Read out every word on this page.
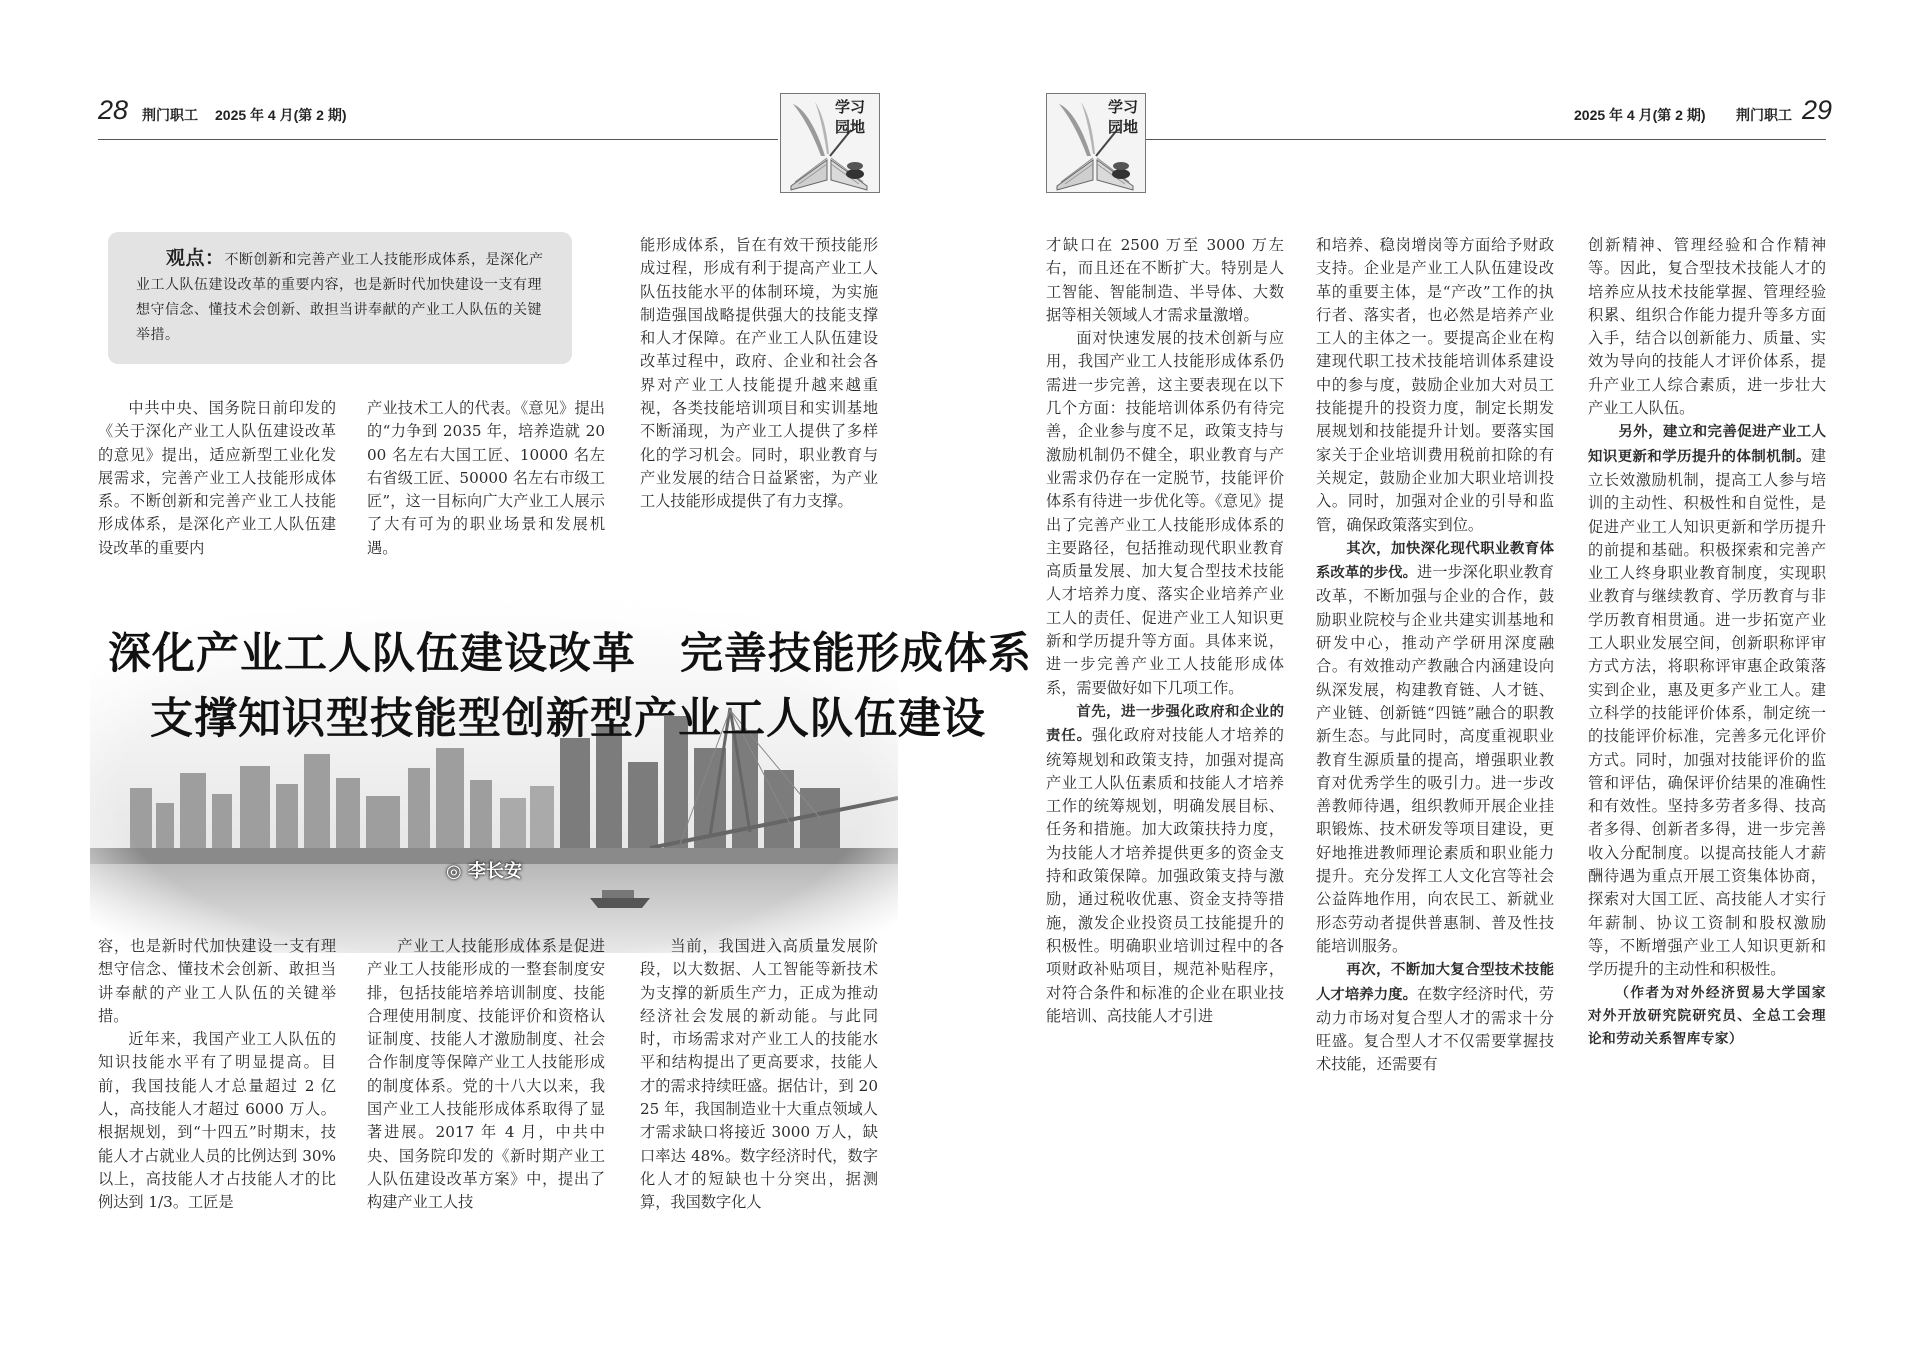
28 荆门职工 2025 年 4 月(第 2 期)	学习
园地
学习
园地
2025 年 4 月(第 2 期) 荆门职工 29
观点：不断创新和完善产业工人技能形成体系，是深化产业工人队伍建设改革的重要内容，也是新时代加快建设一支有理想守信念、懂技术会创新、敢担当讲奉献的产业工人队伍的关键举措。

中共中央、国务院日前印发的《关于深化产业工人队伍建设改革的意见》提出，适应新型工业化发展需求，完善产业工人技能形成体系。不断创新和完善产业工人技能形成体系，是深化产业工人队伍建设改革的重要内

产业技术工人的代表。《意见》提出的“力争到 2035 年，培养造就 2000 名左右大国工匠、10000 名左右省级工匠、50000 名左右市级工匠”，这一目标向广大产业工人展示了大有可为的职业场景和发展机遇。

能形成体系，旨在有效干预技能形成过程，形成有利于提高产业工人队伍技能水平的体制环境，为实施制造强国战略提供强大的技能支撑和人才保障。在产业工人队伍建设改革过程中，政府、企业和社会各界对产业工人技能提升越来越重视，各类技能培训项目和实训基地不断涌现，为产业工人提供了多样化的学习机会。同时，职业教育与产业发展的结合日益紧密，为产业工人技能形成提供了有力支撑。

深化产业工人队伍建设改革　完善技能形成体系
支撑知识型技能型创新型产业工人队伍建设
◎ 李长安

容，也是新时代加快建设一支有理想守信念、懂技术会创新、敢担当讲奉献的产业工人队伍的关键举措。

近年来，我国产业工人队伍的知识技能水平有了明显提高。目前，我国技能人才总量超过 2 亿人，高技能人才超过 6000 万人。根据规划，到“十四五”时期末，技能人才占就业人员的比例达到 30%以上，高技能人才占技能人才的比例达到 1/3。工匠是

产业工人技能形成体系是促进产业工人技能形成的一整套制度安排，包括技能培养培训制度、技能合理使用制度、技能评价和资格认证制度、技能人才激励制度、社会合作制度等保障产业工人技能形成的制度体系。党的十八大以来，我国产业工人技能形成体系取得了显著进展。2017 年 4 月，中共中央、国务院印发的《新时期产业工人队伍建设改革方案》中，提出了构建产业工人技

当前，我国进入高质量发展阶段，以大数据、人工智能等新技术为支撑的新质生产力，正成为推动经济社会发展的新动能。与此同时，市场需求对产业工人的技能水平和结构提出了更高要求，技能人才的需求持续旺盛。据估计，到 2025 年，我国制造业十大重点领域人才需求缺口将接近 3000 万人，缺口率达 48%。数字经济时代，数字化人才的短缺也十分突出，据测算，我国数字化人

才缺口在 2500 万至 3000 万左右，而且还在不断扩大。特别是人工智能、智能制造、半导体、大数据等相关领域人才需求量激增。

面对快速发展的技术创新与应用，我国产业工人技能形成体系仍需进一步完善，这主要表现在以下几个方面：技能培训体系仍有待完善，企业参与度不足，政策支持与激励机制仍不健全，职业教育与产业需求仍存在一定脱节，技能评价体系有待进一步优化等。《意见》提出了完善产业工人技能形成体系的主要路径，包括推动现代职业教育高质量发展、加大复合型技术技能人才培养力度、落实企业培养产业工人的责任、促进产业工人知识更新和学历提升等方面。具体来说，进一步完善产业工人技能形成体系，需要做好如下几项工作。

首先，进一步强化政府和企业的责任。强化政府对技能人才培养的统筹规划和政策支持，加强对提高产业工人队伍素质和技能人才培养工作的统筹规划，明确发展目标、任务和措施。加大政策扶持力度，为技能人才培养提供更多的资金支持和政策保障。加强政策支持与激励，通过税收优惠、资金支持等措施，激发企业投资员工技能提升的积极性。明确职业培训过程中的各项财政补贴项目，规范补贴程序，对符合条件和标准的企业在职业技能培训、高技能人才引进

和培养、稳岗增岗等方面给予财政支持。企业是产业工人队伍建设改革的重要主体，是“产改”工作的执行者、落实者，也必然是培养产业工人的主体之一。要提高企业在构建现代职工技术技能培训体系建设中的参与度，鼓励企业加大对员工技能提升的投资力度，制定长期发展规划和技能提升计划。要落实国家关于企业培训费用税前扣除的有关规定，鼓励企业加大职业培训投入。同时，加强对企业的引导和监管，确保政策落实到位。

其次，加快深化现代职业教育体系改革的步伐。进一步深化职业教育改革，不断加强与企业的合作，鼓励职业院校与企业共建实训基地和研发中心，推动产学研用深度融合。有效推动产教融合内涵建设向纵深发展，构建教育链、人才链、产业链、创新链“四链”融合的职教新生态。与此同时，高度重视职业教育生源质量的提高，增强职业教育对优秀学生的吸引力。进一步改善教师待遇，组织教师开展企业挂职锻炼、技术研发等项目建设，更好地推进教师理论素质和职业能力提升。充分发挥工人文化宫等社会公益阵地作用，向农民工、新就业形态劳动者提供普惠制、普及性技能培训服务。

再次，不断加大复合型技术技能人才培养力度。在数字经济时代，劳动力市场对复合型人才的需求十分旺盛。复合型人才不仅需要掌握技术技能，还需要有

创新精神、管理经验和合作精神等。因此，复合型技术技能人才的培养应从技术技能掌握、管理经验积累、组织合作能力提升等多方面入手，结合以创新能力、质量、实效为导向的技能人才评价体系，提升产业工人综合素质，进一步壮大产业工人队伍。

另外，建立和完善促进产业工人知识更新和学历提升的体制机制。建立长效激励机制，提高工人参与培训的主动性、积极性和自觉性，是促进产业工人知识更新和学历提升的前提和基础。积极探索和完善产业工人终身职业教育制度，实现职业教育与继续教育、学历教育与非学历教育相贯通。进一步拓宽产业工人职业发展空间，创新职称评审方式方法，将职称评审惠企政策落实到企业，惠及更多产业工人。建立科学的技能评价体系，制定统一的技能评价标准，完善多元化评价方式。同时，加强对技能评价的监管和评估，确保评价结果的准确性和有效性。坚持多劳者多得、技高者多得、创新者多得，进一步完善收入分配制度。以提高技能人才薪酬待遇为重点开展工资集体协商，探索对大国工匠、高技能人才实行年薪制、协议工资制和股权激励等，不断增强产业工人知识更新和学历提升的主动性和积极性。

（作者为对外经济贸易大学国家对外开放研究院研究员、全总工会理论和劳动关系智库专家）
